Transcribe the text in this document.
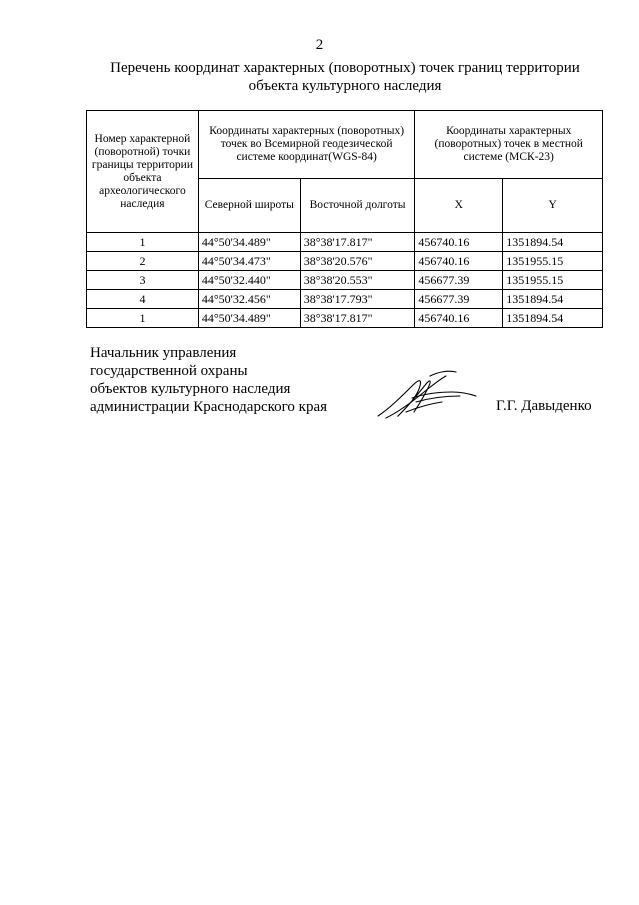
2
Перечень координат характерных (поворотных) точек границ территории
объекта культурного наследия
Номер характерной (поворотной) точки границы территории объекта археологического наследия	Координаты характерных (поворотных) точек во Всемирной геодезической системе координат(WGS-84)		Координаты характерных (поворотных) точек в местной системе (МСК-23)	
	Северной широты	Восточной долготы	X	Y
1	44°50'34.489"	38°38'17.817"	456740.16	1351894.54
2	44°50'34.473"	38°38'20.576"	456740.16	1351955.15
3	44°50'32.440"	38°38'20.553"	456677.39	1351955.15
4	44°50'32.456"	38°38'17.793"	456677.39	1351894.54
1	44°50'34.489"	38°38'17.817"	456740.16	1351894.54
Начальник управления
государственной охраны
объектов культурного наследия
администрации Краснодарского края	Г.Г. Давыденко
